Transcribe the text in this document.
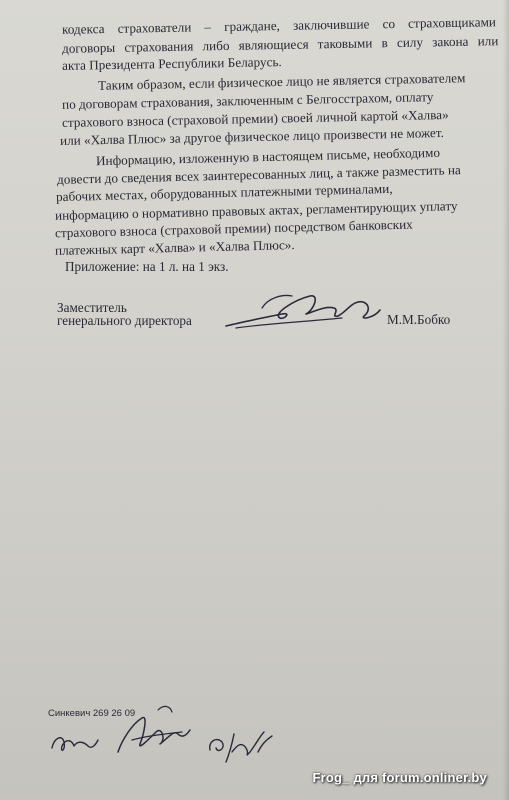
кодекса страхователи – граждане, заключившие со страховщиками
договоры страхования либо являющиеся таковыми в силу закона или
акта Президента Республики Беларусь.
Таким образом, если физическое лицо не является страхователем
по договорам страхования, заключенным с Белгосстрахом, оплату
страхового взноса (страховой премии) своей личной картой «Халва»
или «Халва Плюс» за другое физическое лицо произвести не может.
Информацию, изложенную в настоящем письме, необходимо
довести до сведения всех заинтересованных лиц, а также разместить на
рабочих местах, оборудованных платежными терминалами,
информацию о нормативно правовых актах, регламентирующих уплату
страхового взноса (страховой премии) посредством банковских
платежных карт «Халва» и «Халва Плюс».
Приложение: на 1 л. на 1 экз.
Заместитель
генерального директора	М.М.Бобко
Синкевич 269 26 09
Frog_ для forum.onliner.by
